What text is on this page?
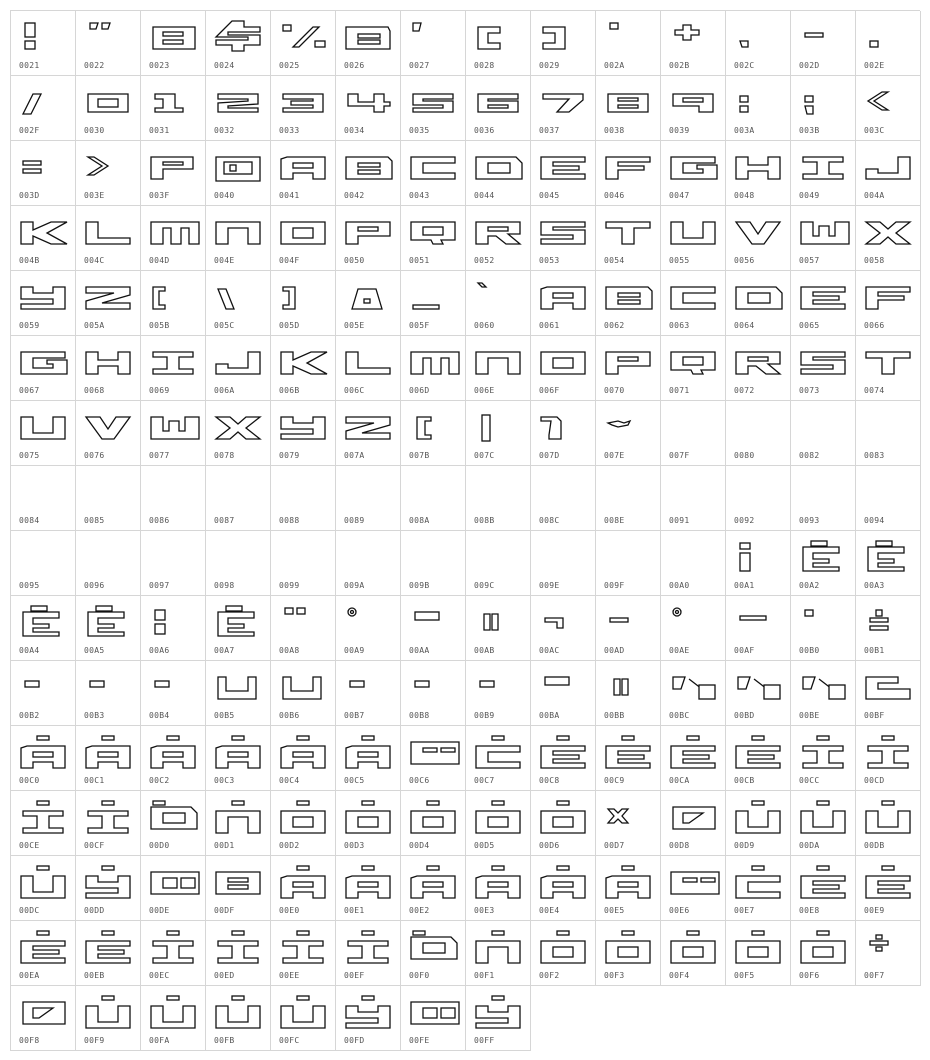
0021	0022	0023	0024	0025	0026	0027	0028	0029	002A	002B	002C	002D	002E
002F	0030	0031	0032	0033	0034	0035	0036	0037	0038	0039	003A	003B	003C
003D	003E	003F	0040	0041	0042	0043	0044	0045	0046	0047	0048	0049	004A
004B	004C	004D	004E	004F	0050	0051	0052	0053	0054	0055	0056	0057	0058
0059	005A	005B	005C	005D	005E	005F	0060	0061	0062	0063	0064	0065	0066
0067	0068	0069	006A	006B	006C	006D	006E	006F	0070	0071	0072	0073	0074
0075	0076	0077	0078	0079	007A	007B	007C	007D	007E	007F	0080	0082	0083
0084	0085	0086	0087	0088	0089	008A	008B	008C	008E	0091	0092	0093	0094
0095	0096	0097	0098	0099	009A	009B	009C	009E	009F	00A0	00A1	00A2	00A3
00A4	00A5	00A6	00A7	00A8	00A9	00AA	00AB	00AC	00AD	00AE	00AF	00B0	00B1
00B2	00B3	00B4	00B5	00B6	00B7	00B8	00B9	00BA	00BB	00BC	00BD	00BE	00BF
00C0	00C1	00C2	00C3	00C4	00C5	00C6	00C7	00C8	00C9	00CA	00CB	00CC	00CD
00CE	00CF	00D0	00D1	00D2	00D3	00D4	00D5	00D6	00D7	00D8	00D9	00DA	00DB
00DC	00DD	00DE	00DF	00E0	00E1	00E2	00E3	00E4	00E5	00E6	00E7	00E8	00E9
00EA	00EB	00EC	00ED	00EE	00EF	00F0	00F1	00F2	00F3	00F4	00F5	00F6	00F7
00F8	00F9	00FA	00FB	00FC	00FD	00FE	00FF
